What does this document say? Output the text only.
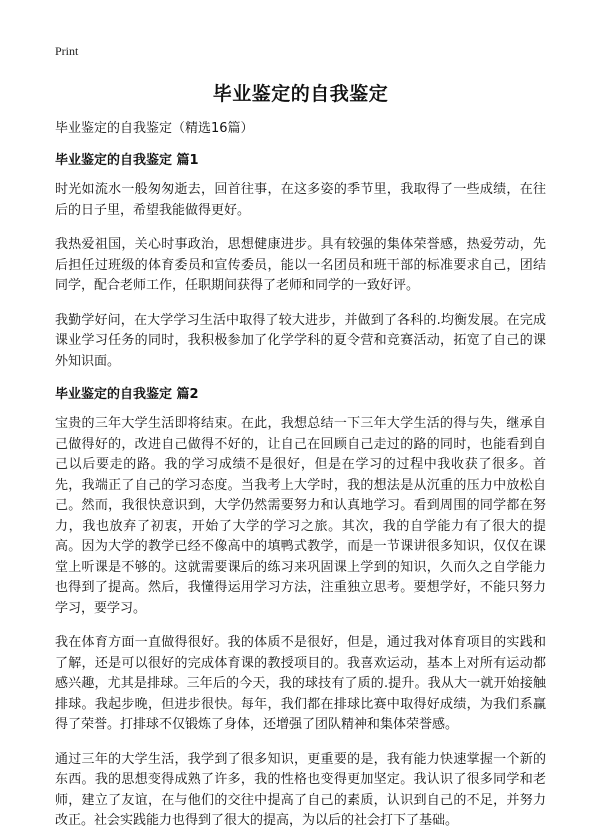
Print
毕业鉴定的自我鉴定
毕业鉴定的自我鉴定（精选16篇）
毕业鉴定的自我鉴定 篇1

时光如流水一般匆匆逝去，回首往事，在这多姿的季节里，我取得了一些成绩，在往后的日子里，希望我能做得更好。

我热爱祖国，关心时事政治，思想健康进步。具有较强的集体荣誉感，热爱劳动，先后担任过班级的体育委员和宣传委员，能以一名团员和班干部的标准要求自己，团结同学，配合老师工作，任职期间获得了老师和同学的一致好评。

我勤学好问，在大学学习生活中取得了较大进步，并做到了各科的.均衡发展。在完成课业学习任务的同时，我积极参加了化学学科的夏令营和竞赛活动，拓宽了自己的课外知识面。

毕业鉴定的自我鉴定 篇2

宝贵的三年大学生活即将结束。在此，我想总结一下三年大学生活的得与失，继承自己做得好的，改进自己做得不好的，让自己在回顾自己走过的路的同时，也能看到自己以后要走的路。我的学习成绩不是很好，但是在学习的过程中我收获了很多。首先，我端正了自己的学习态度。当我考上大学时，我的想法是从沉重的压力中放松自己。然而，我很快意识到，大学仍然需要努力和认真地学习。看到周围的同学都在努力，我也放弃了初衷，开始了大学的学习之旅。其次，我的自学能力有了很大的提高。因为大学的教学已经不像高中的填鸭式教学，而是一节课讲很多知识，仅仅在课堂上听课是不够的。这就需要课后的练习来巩固课上学到的知识，久而久之自学能力也得到了提高。然后，我懂得运用学习方法，注重独立思考。要想学好，不能只努力学习，要学习。

我在体育方面一直做得很好。我的体质不是很好，但是，通过我对体育项目的实践和了解，还是可以很好的完成体育课的教授项目的。我喜欢运动，基本上对所有运动都感兴趣，尤其是排球。三年后的今天，我的球技有了质的.提升。我从大一就开始接触排球。我起步晚，但进步很快。每年，我们都在排球比赛中取得好成绩，为我们系赢得了荣誉。打排球不仅锻炼了身体，还增强了团队精神和集体荣誉感。

通过三年的大学生活，我学到了很多知识，更重要的是，我有能力快速掌握一个新的东西。我的思想变得成熟了许多，我的性格也变得更加坚定。我认识了很多同学和老师，建立了友谊，在与他们的交往中提高了自己的素质，认识到自己的不足，并努力改正。社会实践能力也得到了很大的提高，为以后的社会打下了基础。
